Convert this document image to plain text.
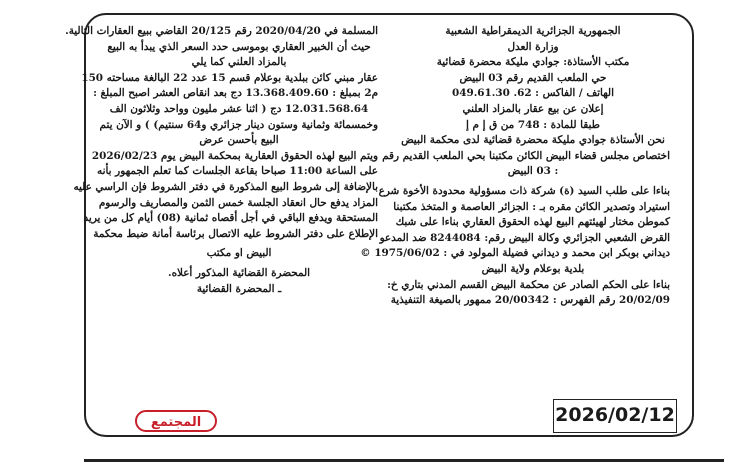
الجمهورية الجزائرية الديمقراطية الشعبية

وزارة العدل

مكتب الأستاذة: جوادي مليكة محضرة قضائية

حي الملعب القديم رقم 03 البيض

الهاتف / الفاكس : 62. 049.61.30

إعلان عن بيع عقار بالمزاد العلني

طبقا للمادة : 748 من ق إ م إ

نحن الأستاذة جوادي مليكة محضرة قضائية لدى محكمة البيض

اختصاص مجلس قضاء البيض الكائن مكتبنا بحي الملعب القديم رقم

: 03 البيض

بناءا على طلب السيد (ة) شركة ذات مسؤولية محدودة الأخوة شرع

استيراد وتصدير الكائن مقره بـ : الجزائر العاصمة و المتخذ مكتبنا

كموطن مختار لهيئتهم البيع لهذه الحقوق العقاري بناءا على شبك

القرض الشعبي الجزائري وكالة البيض رقم: 8244084 ضد المدعو

ديداني بوبكر ابن محمد و ديداني فضيلة المولود في : 1975/06/02 ©

بلدية بوعلام ولاية البيض

بناءا على الحكم الصادر عن محكمة البيض القسم المدني بتاري خ:

20/02/09 رقم الفهرس : 20/00342 ممهور بالصيغة التنفيذية

المسلمة في 2020/04/20 رقم 20/125 القاضي ببيع العقارات التالية.

حيث أن الخبير العقاري بوموسى حدد السعر الذي يبدأ به البيع

بالمزاد العلني كما يلي

عقار مبني كائن ببلدية بوعلام قسم 15 عدد 22 البالغة مساحته 150

م2 بمبلغ : 13.368.409.60 دج بعد انقاص العشر اصبح المبلغ :

12.031.568.64 دج ( اثنا عشر مليون وواحد وثلاثون الف

وخمسمائة وثمانية وستون دينار جزائري و64 سنتيم) ) و الآن يتم

البيع بأحسن عرض

ويتم البيع لهذه الحقوق العقارية بمحكمة البيض يوم 2026/02/23

على الساعة 11:00 صباحا بقاعة الجلسات كما تعلم الجمهور بأنه

بالإضافة إلى شروط البيع المذكورة في دفتر الشروط فإن الراسي عليه

المزاد يدفع حال انعقاد الجلسة خمس الثمن والمصاريف والرسوم

المستحقة ويدفع الباقي في أجل أقصاه ثمانية (08) أيام كل من يريد

الإطلاع على دفتر الشروط عليه الاتصال برئاسة أمانة ضبط محكمة

البيض او مكتب

المحضرة القضائية المذكور أعلاه.

ـ المحضرة القضائية

2026/02/12
المجتمع
